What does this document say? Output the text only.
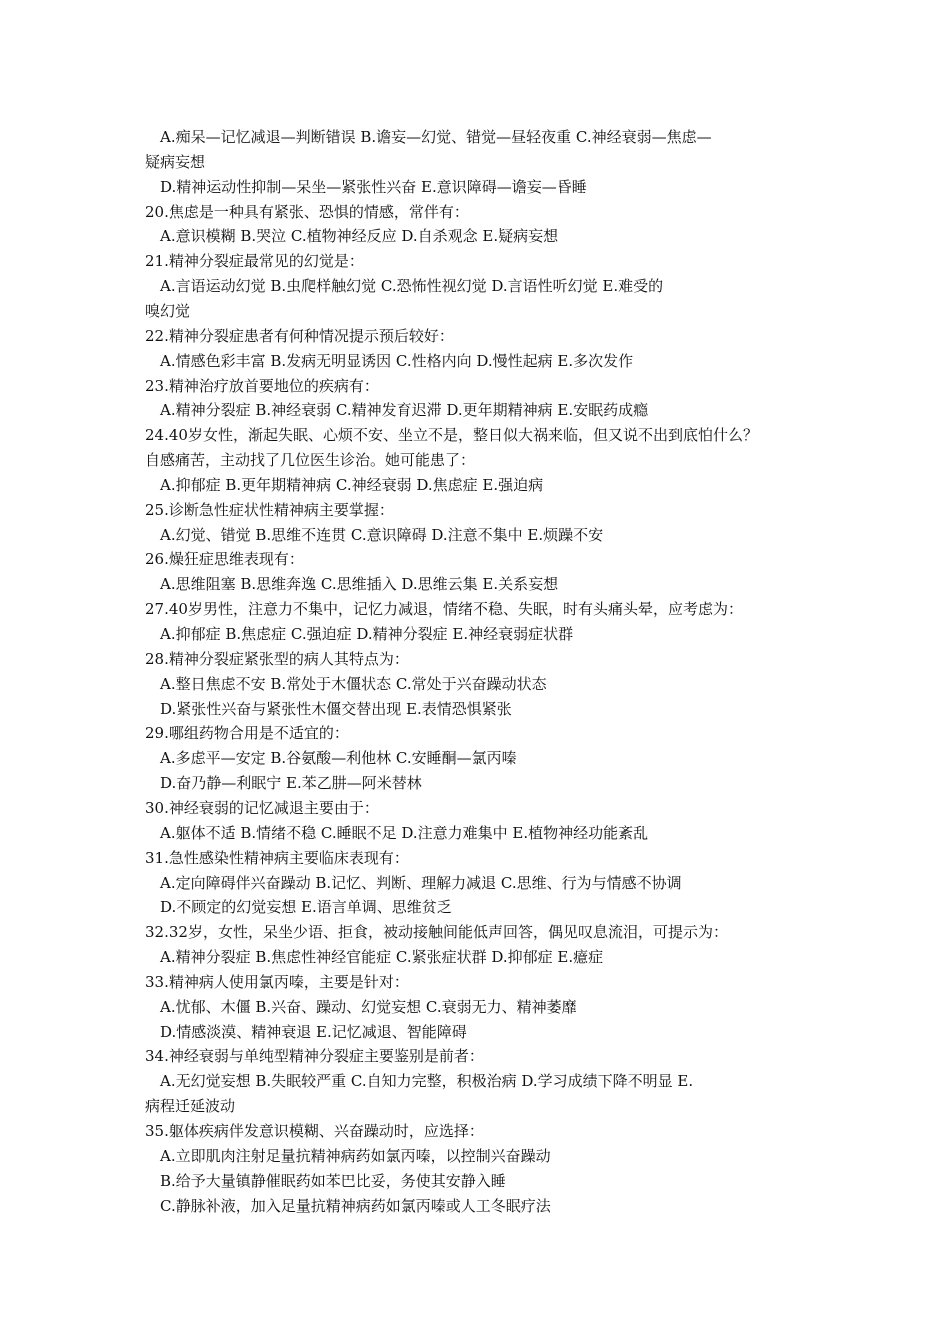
A.痴呆—记忆减退—判断错误 B.谵妄—幻觉、错觉—昼轻夜重 C.神经衰弱—焦虑—
疑病妄想
D.精神运动性抑制—呆坐—紧张性兴奋 E.意识障碍—谵妄—昏睡
20.焦虑是一种具有紧张、恐惧的情感，常伴有：
A.意识模糊 B.哭泣 C.植物神经反应 D.自杀观念 E.疑病妄想
21.精神分裂症最常见的幻觉是：
A.言语运动幻觉 B.虫爬样触幻觉 C.恐怖性视幻觉 D.言语性听幻觉 E.难受的
嗅幻觉
22.精神分裂症患者有何种情况提示预后较好：
A.情感色彩丰富 B.发病无明显诱因 C.性格内向 D.慢性起病 E.多次发作
23.精神治疗放首要地位的疾病有：
A.精神分裂症 B.神经衰弱 C.精神发育迟滞 D.更年期精神病 E.安眠药成瘾
24.40岁女性，渐起失眠、心烦不安、坐立不是，整日似大祸来临，但又说不出到底怕什么？
自感痛苦，主动找了几位医生诊治。她可能患了：
A.抑郁症 B.更年期精神病 C.神经衰弱 D.焦虑症 E.强迫病
25.诊断急性症状性精神病主要掌握：
A.幻觉、错觉 B.思维不连贯 C.意识障碍 D.注意不集中 E.烦躁不安
26.燥狂症思维表现有：
A.思维阻塞 B.思维奔逸 C.思维插入 D.思维云集 E.关系妄想
27.40岁男性，注意力不集中，记忆力减退，情绪不稳、失眠，时有头痛头晕，应考虑为：
A.抑郁症 B.焦虑症 C.强迫症 D.精神分裂症 E.神经衰弱症状群
28.精神分裂症紧张型的病人其特点为：
A.整日焦虑不安 B.常处于木僵状态 C.常处于兴奋躁动状态
D.紧张性兴奋与紧张性木僵交替出现 E.表情恐惧紧张
29.哪组药物合用是不适宜的：
A.多虑平—安定 B.谷氨酸—利他林 C.安睡酮—氯丙嗪
D.奋乃静—利眠宁 E.苯乙肼—阿米替林
30.神经衰弱的记忆减退主要由于：
A.躯体不适 B.情绪不稳 C.睡眠不足 D.注意力难集中 E.植物神经功能紊乱
31.急性感染性精神病主要临床表现有：
A.定向障碍伴兴奋躁动 B.记忆、判断、理解力减退 C.思维、行为与情感不协调
D.不顾定的幻觉妄想 E.语言单调、思维贫乏
32.32岁，女性，呆坐少语、拒食，被动接触间能低声回答，偶见叹息流泪，可提示为：
A.精神分裂症 B.焦虑性神经官能症 C.紧张症状群 D.抑郁症 E.癔症
33.精神病人使用氯丙嗪，主要是针对：
A.忧郁、木僵 B.兴奋、躁动、幻觉妄想 C.衰弱无力、精神萎靡
D.情感淡漠、精神衰退 E.记忆减退、智能障碍
34.神经衰弱与单纯型精神分裂症主要鉴别是前者：
A.无幻觉妄想 B.失眠较严重 C.自知力完整，积极治病 D.学习成绩下降不明显 E.
病程迁延波动
35.躯体疾病伴发意识模糊、兴奋躁动时，应选择：
A.立即肌肉注射足量抗精神病药如氯丙嗪，以控制兴奋躁动
B.给予大量镇静催眠药如苯巴比妥，务使其安静入睡
C.静脉补液，加入足量抗精神病药如氯丙嗪或人工冬眠疗法
